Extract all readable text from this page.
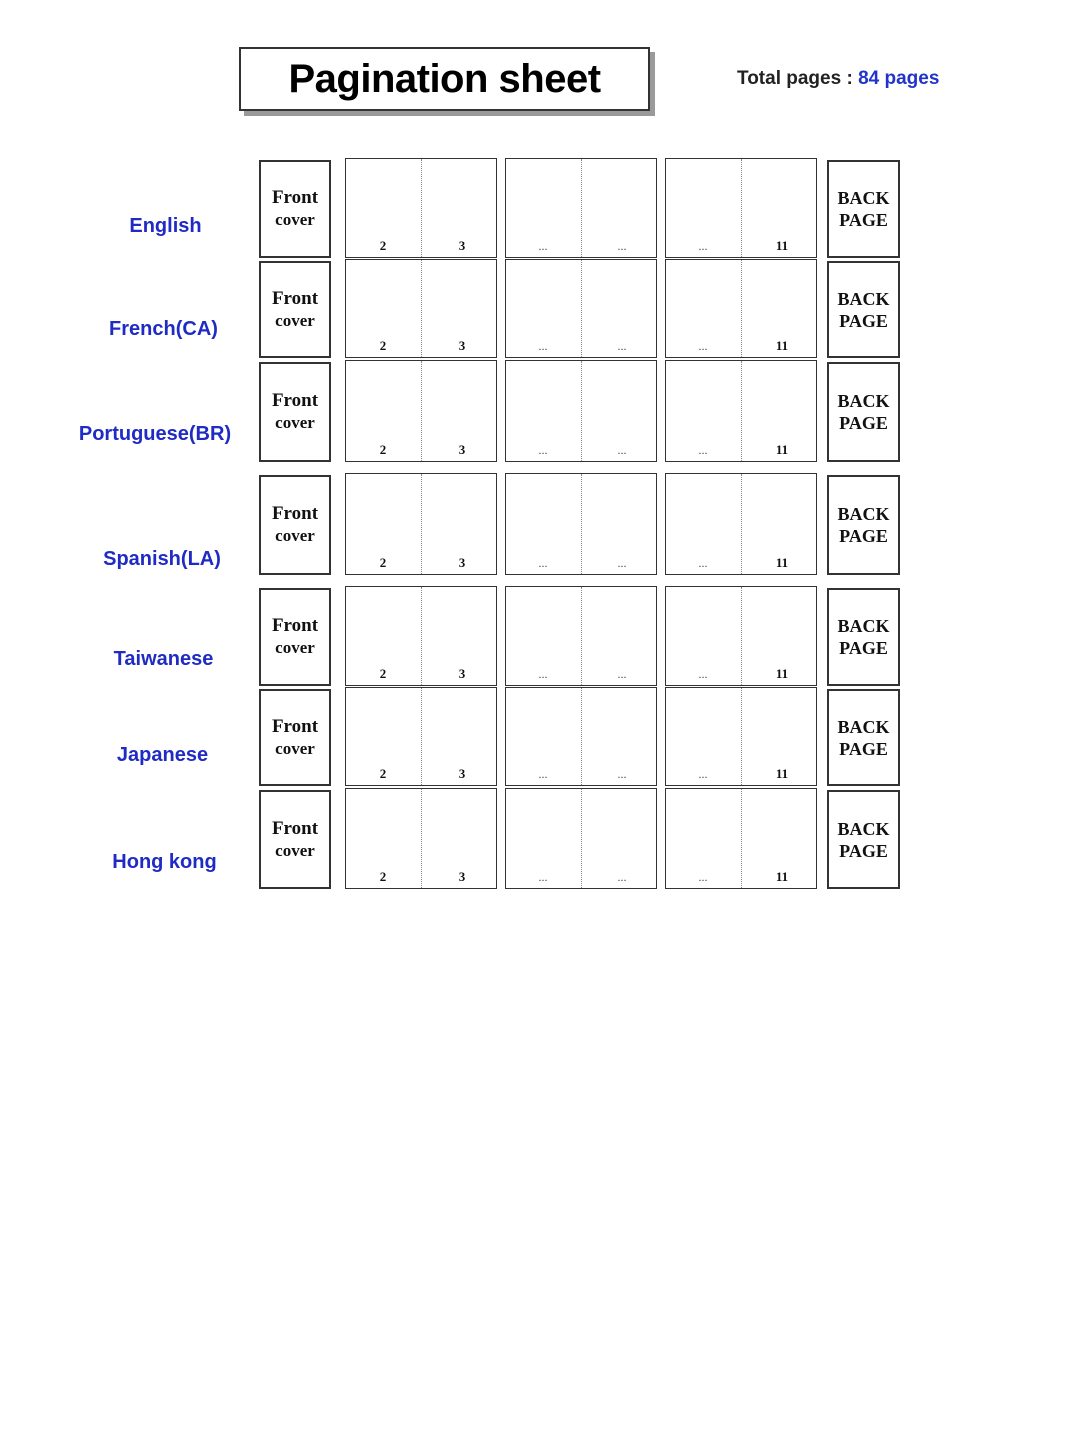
Pagination sheet	Total pages : 84 pages
English
Front
cover
2	3	...	...	...	11
BACK
PAGE
French(CA)
Front
cover
2	3	...	...	...	11
BACK
PAGE
Portuguese(BR)
Front
cover
2	3	...	...	...	11
BACK
PAGE
Spanish(LA)
Front
cover
2	3	...	...	...	11
BACK
PAGE
Taiwanese
Front
cover
2	3	...	...	...	11
BACK
PAGE
Japanese
Front
cover
2	3	...	...	...	11
BACK
PAGE
Hong kong
Front
cover
2	3	...	...	...	11
BACK
PAGE
